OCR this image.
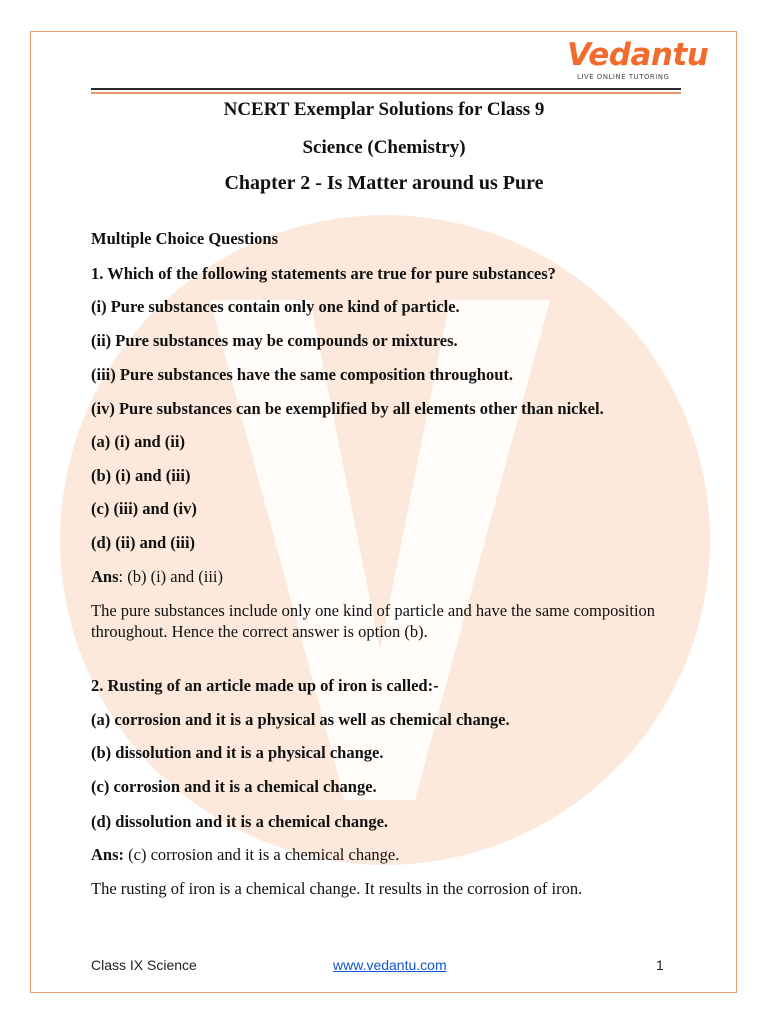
Vedantu
LIVE ONLINE TUTORING
NCERT Exemplar Solutions for Class 9
Science (Chemistry)
Chapter 2 - Is Matter around us Pure
Multiple Choice Questions
1. Which of the following statements are true for pure substances?
(i) Pure substances contain only one kind of particle.
(ii) Pure substances may be compounds or mixtures.
(iii) Pure substances have the same composition throughout.
(iv) Pure substances can be exemplified by all elements other than nickel.
(a) (i) and (ii)
(b) (i) and (iii)
(c) (iii) and (iv)
(d) (ii) and (iii)
Ans: (b) (i) and (iii)
The pure substances include only one kind of particle and have the same composition throughout. Hence the correct answer is option (b).
2. Rusting of an article made up of iron is called:-
(a) corrosion and it is a physical as well as chemical change.
(b) dissolution and it is a physical change.
(c) corrosion and it is a chemical change.
(d) dissolution and it is a chemical change.
Ans: (c) corrosion and it is a chemical change.
The rusting of iron is a chemical change. It results in the corrosion of iron.
Class IX Science	www.vedantu.com	1
